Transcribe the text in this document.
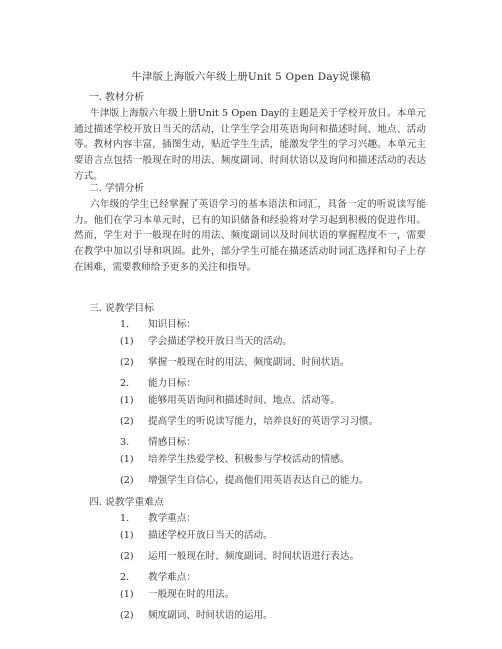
牛津版上海版六年级上册Unit 5 Open Day说课稿
一. 教材分析

牛津版上海版六年级上册Unit 5 Open Day的主题是关于学校开放日。本单元通过描述学校开放日当天的活动，让学生学会用英语询问和描述时间、地点、活动等。教材内容丰富，插图生动，贴近学生生活，能激发学生的学习兴趣。本单元主要语言点包括一般现在时的用法、频度副词、时间状语以及询问和描述活动的表达方式。

二. 学情分析

六年级的学生已经掌握了英语学习的基本语法和词汇，具备一定的听说读写能力。他们在学习本单元时，已有的知识储备和经验将对学习起到积极的促进作用。然而，学生对于一般现在时的用法、频度副词以及时间状语的掌握程度不一，需要在教学中加以引导和巩固。此外，部分学生可能在描述活动时词汇选择和句子上存在困难，需要教师给予更多的关注和指导。

三. 说教学目标
1. 知识目标：
(1) 学会描述学校开放日当天的活动。
(2) 掌握一般现在时的用法、频度副词、时间状语。
2. 能力目标：
(1) 能够用英语询问和描述时间、地点、活动等。
(2) 提高学生的听说读写能力，培养良好的英语学习习惯。
3. 情感目标：
(1) 培养学生热爱学校、积极参与学校活动的情感。
(2) 增强学生自信心，提高他们用英语表达自己的能力。
四. 说教学重难点
1. 教学重点：
(1) 描述学校开放日当天的活动。
(2) 运用一般现在时、频度副词、时间状语进行表达。
2. 教学难点：
(1) 一般现在时的用法。
(2) 频度副词、时间状语的运用。
